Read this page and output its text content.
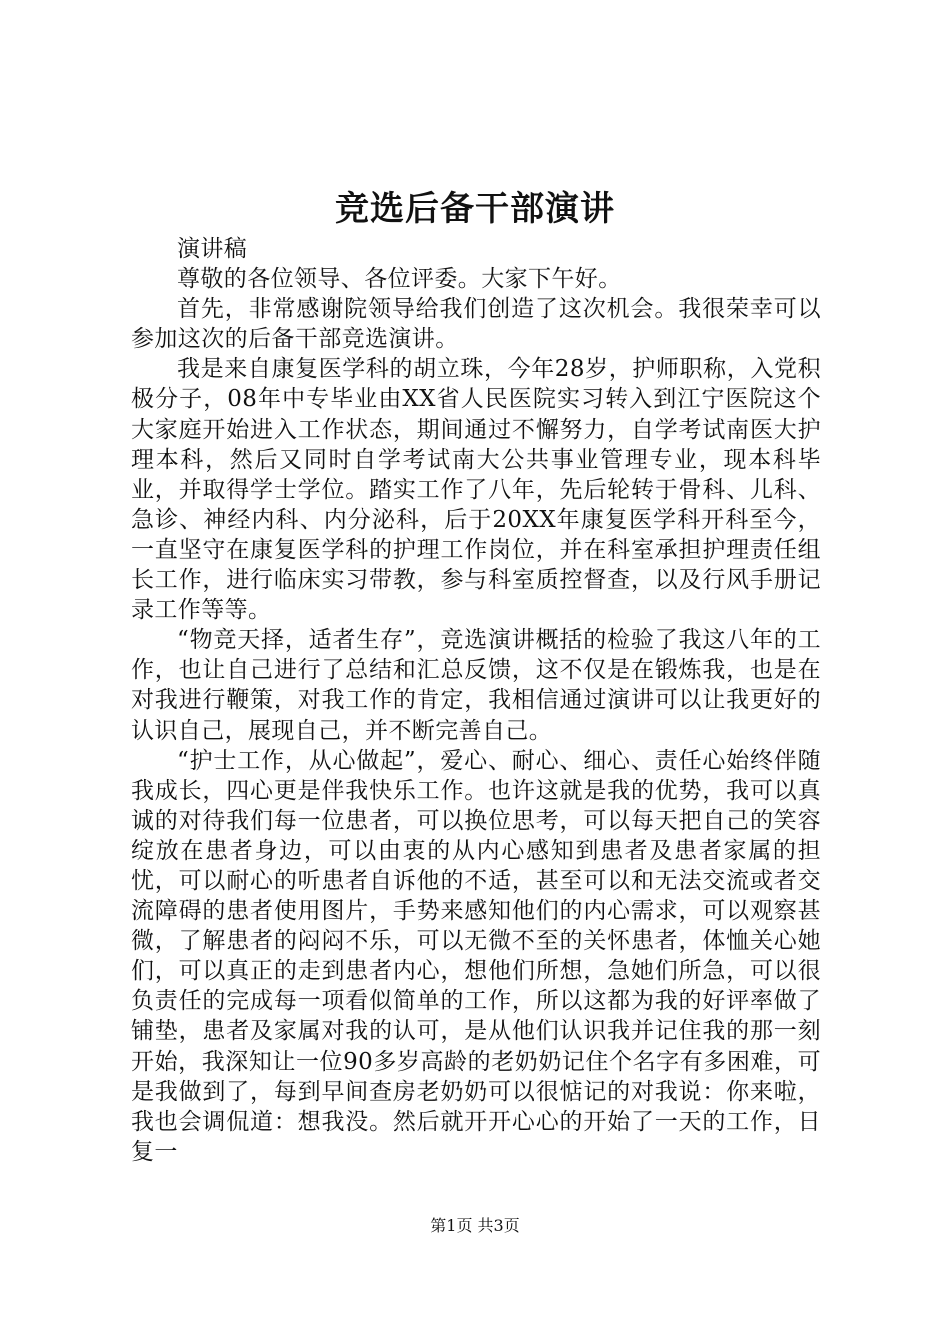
竞选后备干部演讲

演讲稿

尊敬的各位领导、各位评委。大家下午好。

首先，非常感谢院领导给我们创造了这次机会。我很荣幸可以参加这次的后备干部竞选演讲。

我是来自康复医学科的胡立珠，今年28岁，护师职称，入党积极分子，08年中专毕业由XX省人民医院实习转入到江宁医院这个大家庭开始进入工作状态，期间通过不懈努力，自学考试南医大护理本科，然后又同时自学考试南大公共事业管理专业，现本科毕业，并取得学士学位。踏实工作了八年，先后轮转于骨科、儿科、急诊、神经内科、内分泌科，后于20XX年康复医学科开科至今，一直坚守在康复医学科的护理工作岗位，并在科室承担护理责任组长工作，进行临床实习带教，参与科室质控督查，以及行风手册记录工作等等。

“物竞天择，适者生存”，竞选演讲概括的检验了我这八年的工作，也让自己进行了总结和汇总反馈，这不仅是在锻炼我，也是在对我进行鞭策，对我工作的肯定，我相信通过演讲可以让我更好的认识自己，展现自己，并不断完善自己。

“护士工作，从心做起”，爱心、耐心、细心、责任心始终伴随我成长，四心更是伴我快乐工作。也许这就是我的优势，我可以真诚的对待我们每一位患者，可以换位思考，可以每天把自己的笑容绽放在患者身边，可以由衷的从内心感知到患者及患者家属的担忧，可以耐心的听患者自诉他的不适，甚至可以和无法交流或者交流障碍的患者使用图片，手势来感知他们的内心需求，可以观察甚微，了解患者的闷闷不乐，可以无微不至的关怀患者，体恤关心她们，可以真正的走到患者内心，想他们所想，急她们所急，可以很负责任的完成每一项看似简单的工作，所以这都为我的好评率做了铺垫，患者及家属对我的认可，是从他们认识我并记住我的那一刻开始，我深知让一位90多岁高龄的老奶奶记住个名字有多困难，可是我做到了，每到早间查房老奶奶可以很惦记的对我说：你来啦，我也会调侃道：想我没。然后就开开心心的开始了一天的工作，日复一

第1页 共3页
